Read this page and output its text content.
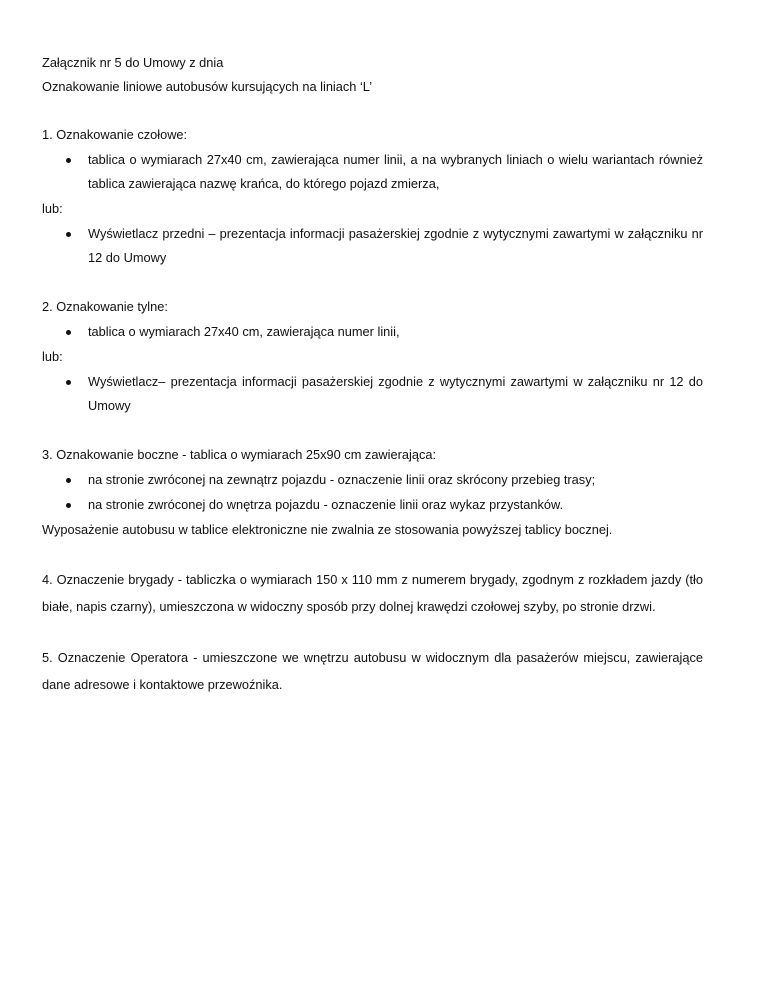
Załącznik nr 5 do Umowy z dnia

Oznakowanie liniowe autobusów kursujących na liniach ‘L’

1. Oznakowanie czołowe:

tablica o wymiarach 27x40 cm, zawierająca numer linii, a na wybranych liniach o wielu wariantach również tablica zawierająca nazwę krańca, do którego pojazd zmierza,

lub:

Wyświetlacz przedni – prezentacja informacji pasażerskiej zgodnie z wytycznymi zawartymi w załączniku nr 12 do Umowy

2. Oznakowanie tylne:

tablica o wymiarach 27x40 cm, zawierająca numer linii,

lub:

Wyświetlacz– prezentacja informacji pasażerskiej zgodnie z wytycznymi zawartymi w załączniku nr 12 do Umowy

3. Oznakowanie boczne - tablica o wymiarach 25x90 cm zawierająca:

na stronie zwróconej na zewnątrz pojazdu - oznaczenie linii oraz skrócony przebieg trasy;
na stronie zwróconej do wnętrza pojazdu - oznaczenie linii oraz wykaz przystanków.

Wyposażenie autobusu w tablice elektroniczne nie zwalnia ze stosowania powyższej tablicy bocznej.

4. Oznaczenie brygady - tabliczka o wymiarach 150 x 110 mm z numerem brygady, zgodnym z rozkładem jazdy (tło białe, napis czarny), umieszczona w widoczny sposób przy dolnej krawędzi czołowej szyby, po stronie drzwi.

5. Oznaczenie Operatora - umieszczone we wnętrzu autobusu w widocznym dla pasażerów miejscu, zawierające dane adresowe i kontaktowe przewoźnika.
